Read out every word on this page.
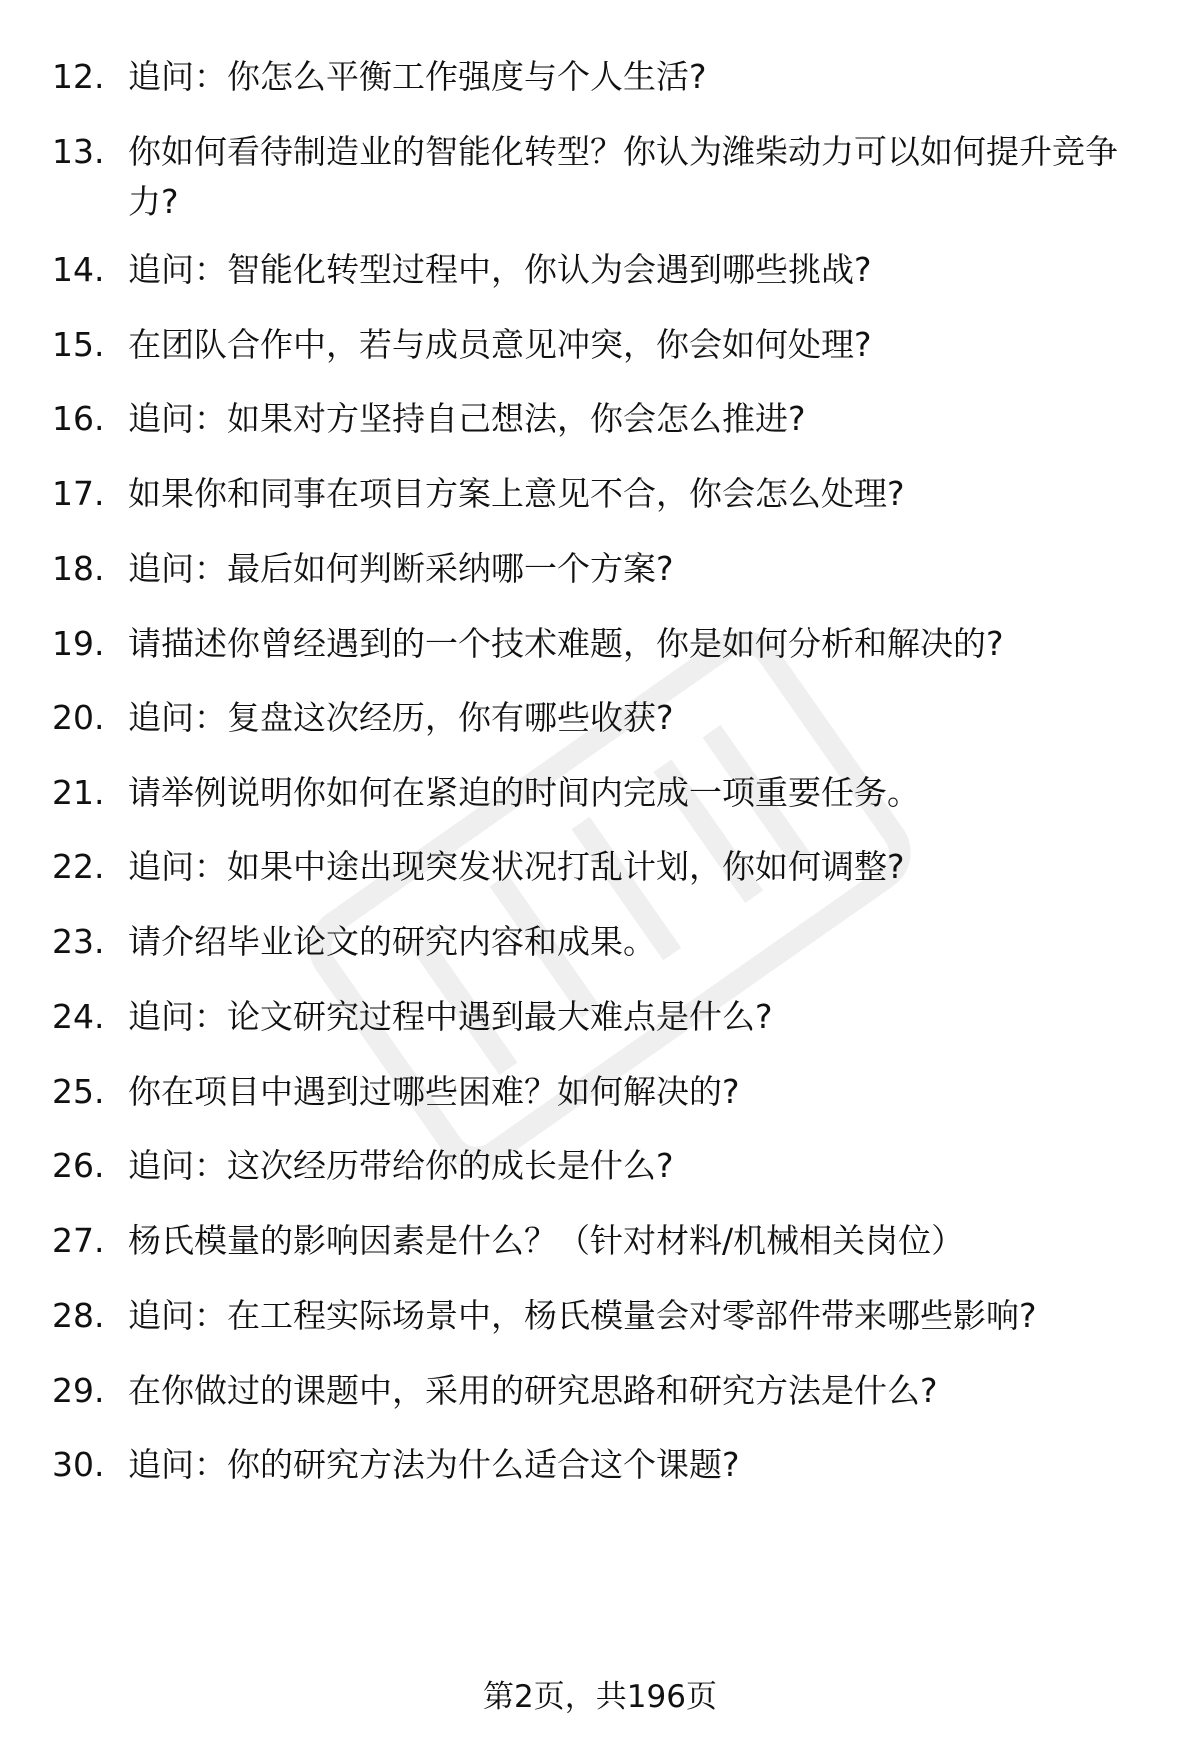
12. 追问：你怎么平衡工作强度与个人生活?
13. 你如何看待制造业的智能化转型？你认为潍柴动力可以如何提升竞争力?
14. 追问：智能化转型过程中，你认为会遇到哪些挑战?
15. 在团队合作中，若与成员意见冲突，你会如何处理?
16. 追问：如果对方坚持自己想法，你会怎么推进?
17. 如果你和同事在项目方案上意见不合，你会怎么处理?
18. 追问：最后如何判断采纳哪一个方案?
19. 请描述你曾经遇到的一个技术难题，你是如何分析和解决的?
20. 追问：复盘这次经历，你有哪些收获?
21. 请举例说明你如何在紧迫的时间内完成一项重要任务。
22. 追问：如果中途出现突发状况打乱计划，你如何调整?
23. 请介绍毕业论文的研究内容和成果。
24. 追问：论文研究过程中遇到最大难点是什么?
25. 你在项目中遇到过哪些困难？如何解决的?
26. 追问：这次经历带给你的成长是什么?
27. 杨氏模量的影响因素是什么？（针对材料/机械相关岗位）
28. 追问：在工程实际场景中，杨氏模量会对零部件带来哪些影响?
29. 在你做过的课题中，采用的研究思路和研究方法是什么?
30. 追问：你的研究方法为什么适合这个课题?
第2页，共196页
